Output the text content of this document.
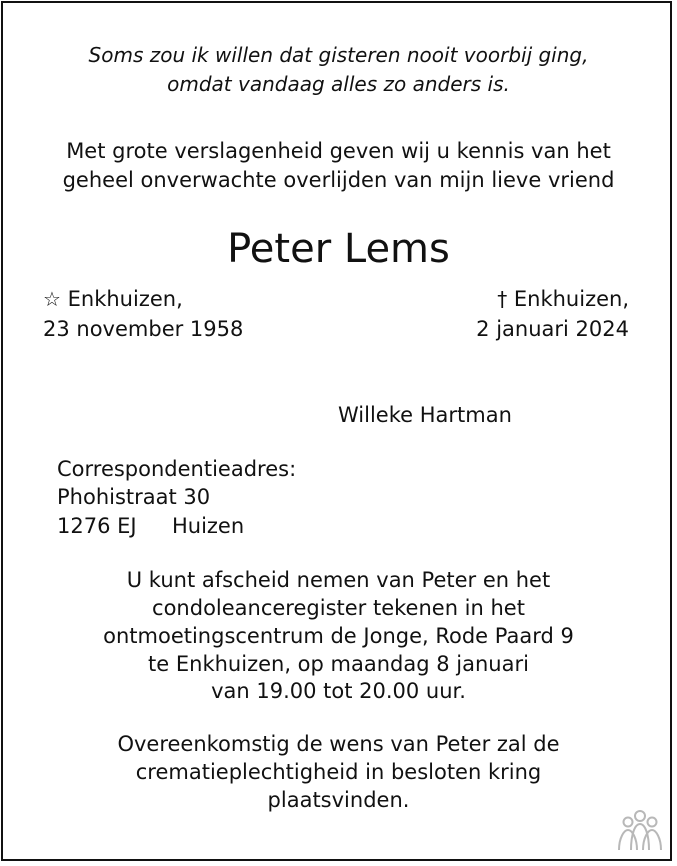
Soms zou ik willen dat gisteren nooit voorbij ging,
omdat vandaag alles zo anders is.
Met grote verslagenheid geven wij u kennis van het
geheel onverwachte overlijden van mijn lieve vriend
Peter Lems
☆ Enkhuizen,
23 november 1958
† Enkhuizen,
2 januari 2024
Willeke Hartman
Correspondentieadres:
Phohistraat 30
1276 EJ Huizen
U kunt afscheid nemen van Peter en het
condoleanceregister tekenen in het
ontmoetingscentrum de Jonge, Rode Paard 9
te Enkhuizen, op maandag 8 januari
van 19.00 tot 20.00 uur.
Overeenkomstig de wens van Peter zal de
crematieplechtigheid in besloten kring
plaatsvinden.
